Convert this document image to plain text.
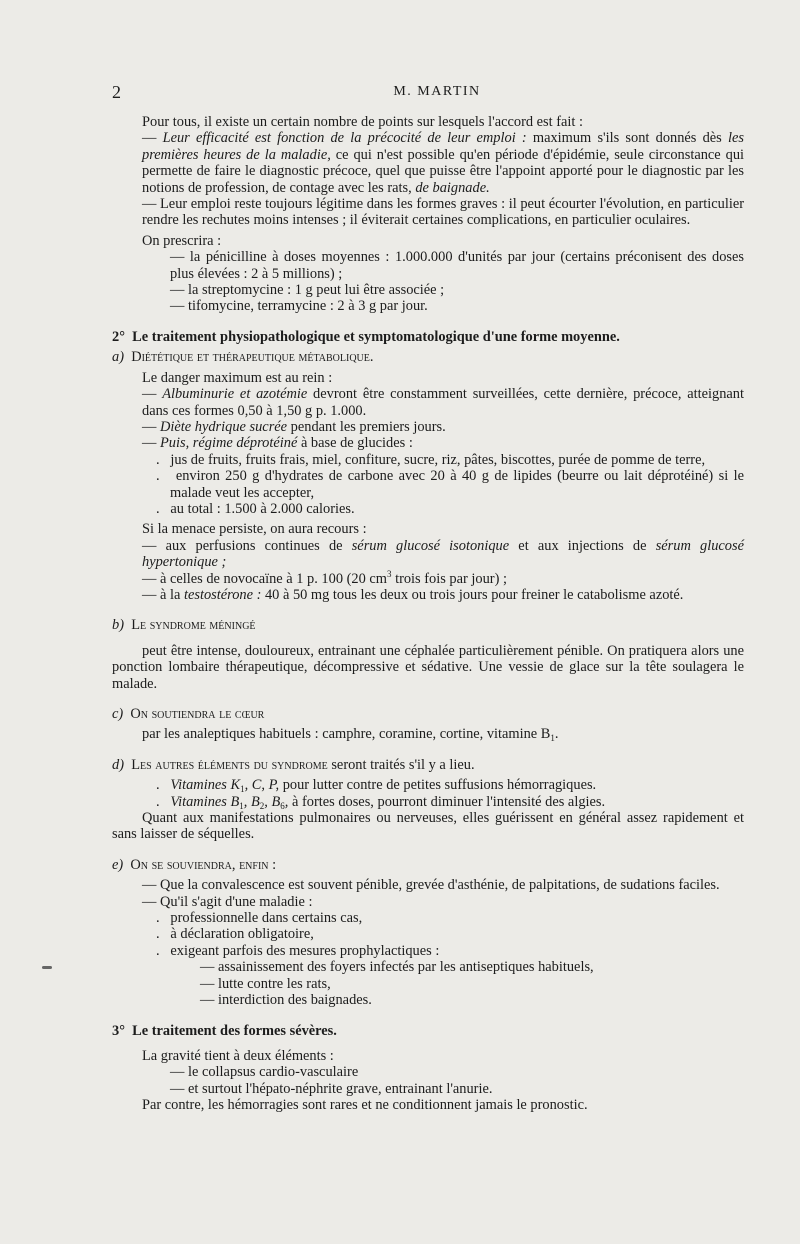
2	M. MARTIN

Pour tous, il existe un certain nombre de points sur lesquels l'accord est fait :

— Leur efficacité est fonction de la précocité de leur emploi : maximum s'ils sont donnés dès les premières heures de la maladie, ce qui n'est possible qu'en période d'épidémie, seule circonstance qui permette de faire le diagnostic précoce, quel que puisse être l'appoint apporté pour le diagnostic par les notions de profession, de contage avec les rats, de baignade.

— Leur emploi reste toujours légitime dans les formes graves : il peut écourter l'évolution, en particulier rendre les rechutes moins intenses ; il éviterait certaines complications, en particulier oculaires.

On prescrira :

— la pénicilline à doses moyennes : 1.000.000 d'unités par jour (certains préconisent des doses plus élevées : 2 à 5 millions) ;

— la streptomycine : 1 g peut lui être associée ;

— tifomycine, terramycine : 2 à 3 g par jour.

2° Le traitement physiopathologique et symptomatologique d'une forme moyenne.

a) Diététique et thérapeutique métabolique.

Le danger maximum est au rein :

— Albuminurie et azotémie devront être constamment surveillées, cette dernière, précoce, atteignant dans ces formes 0,50 à 1,50 g p. 1.000.

— Diète hydrique sucrée pendant les premiers jours.

— Puis, régime déprotéiné à base de glucides :

.   jus de fruits, fruits frais, miel, confiture, sucre, riz, pâtes, biscottes, purée de pomme de terre,

.   environ 250 g d'hydrates de carbone avec 20 à 40 g de lipides (beurre ou lait déprotéiné) si le malade veut les accepter,

.   au total : 1.500 à 2.000 calories.

Si la menace persiste, on aura recours :

— aux perfusions continues de sérum glucosé isotonique et aux injections de sérum glucosé hypertonique ;

— à celles de novocaïne à 1 p. 100 (20 $cm^3$ trois fois par jour) ;

— à la testostérone : 40 à 50 mg tous les deux ou trois jours pour freiner le catabolisme azoté.

b) Le syndrome méningé

peut être intense, douloureux, entrainant une céphalée particulièrement pénible. On pratiquera alors une ponction lombaire thérapeutique, décompressive et sédative. Une vessie de glace sur la tête soulagera le malade.

c) On soutiendra le cœur

par les analeptiques habituels : camphre, coramine, cortine, vitamine $B_1$.

d) Les autres éléments du syndrome seront traités s'il y a lieu.

.   Vitamines $K_1$, C, P, pour lutter contre de petites suffusions hémorragiques.

.   Vitamines $B_1$, $B_2$, $B_6$, à fortes doses, pourront diminuer l'intensité des algies.

Quant aux manifestations pulmonaires ou nerveuses, elles guérissent en général assez rapidement et sans laisser de séquelles.

e) On se souviendra, enfin :

— Que la convalescence est souvent pénible, grevée d'asthénie, de palpitations, de sudations faciles.

— Qu'il s'agit d'une maladie :

.   professionnelle dans certains cas,

.   à déclaration obligatoire,

.   exigeant parfois des mesures prophylactiques :

— assainissement des foyers infectés par les antiseptiques habituels,

— lutte contre les rats,

— interdiction des baignades.

3° Le traitement des formes sévères.

La gravité tient à deux éléments :

— le collapsus cardio-vasculaire

— et surtout l'hépato-néphrite grave, entrainant l'anurie.

Par contre, les hémorragies sont rares et ne conditionnent jamais le pronostic.
